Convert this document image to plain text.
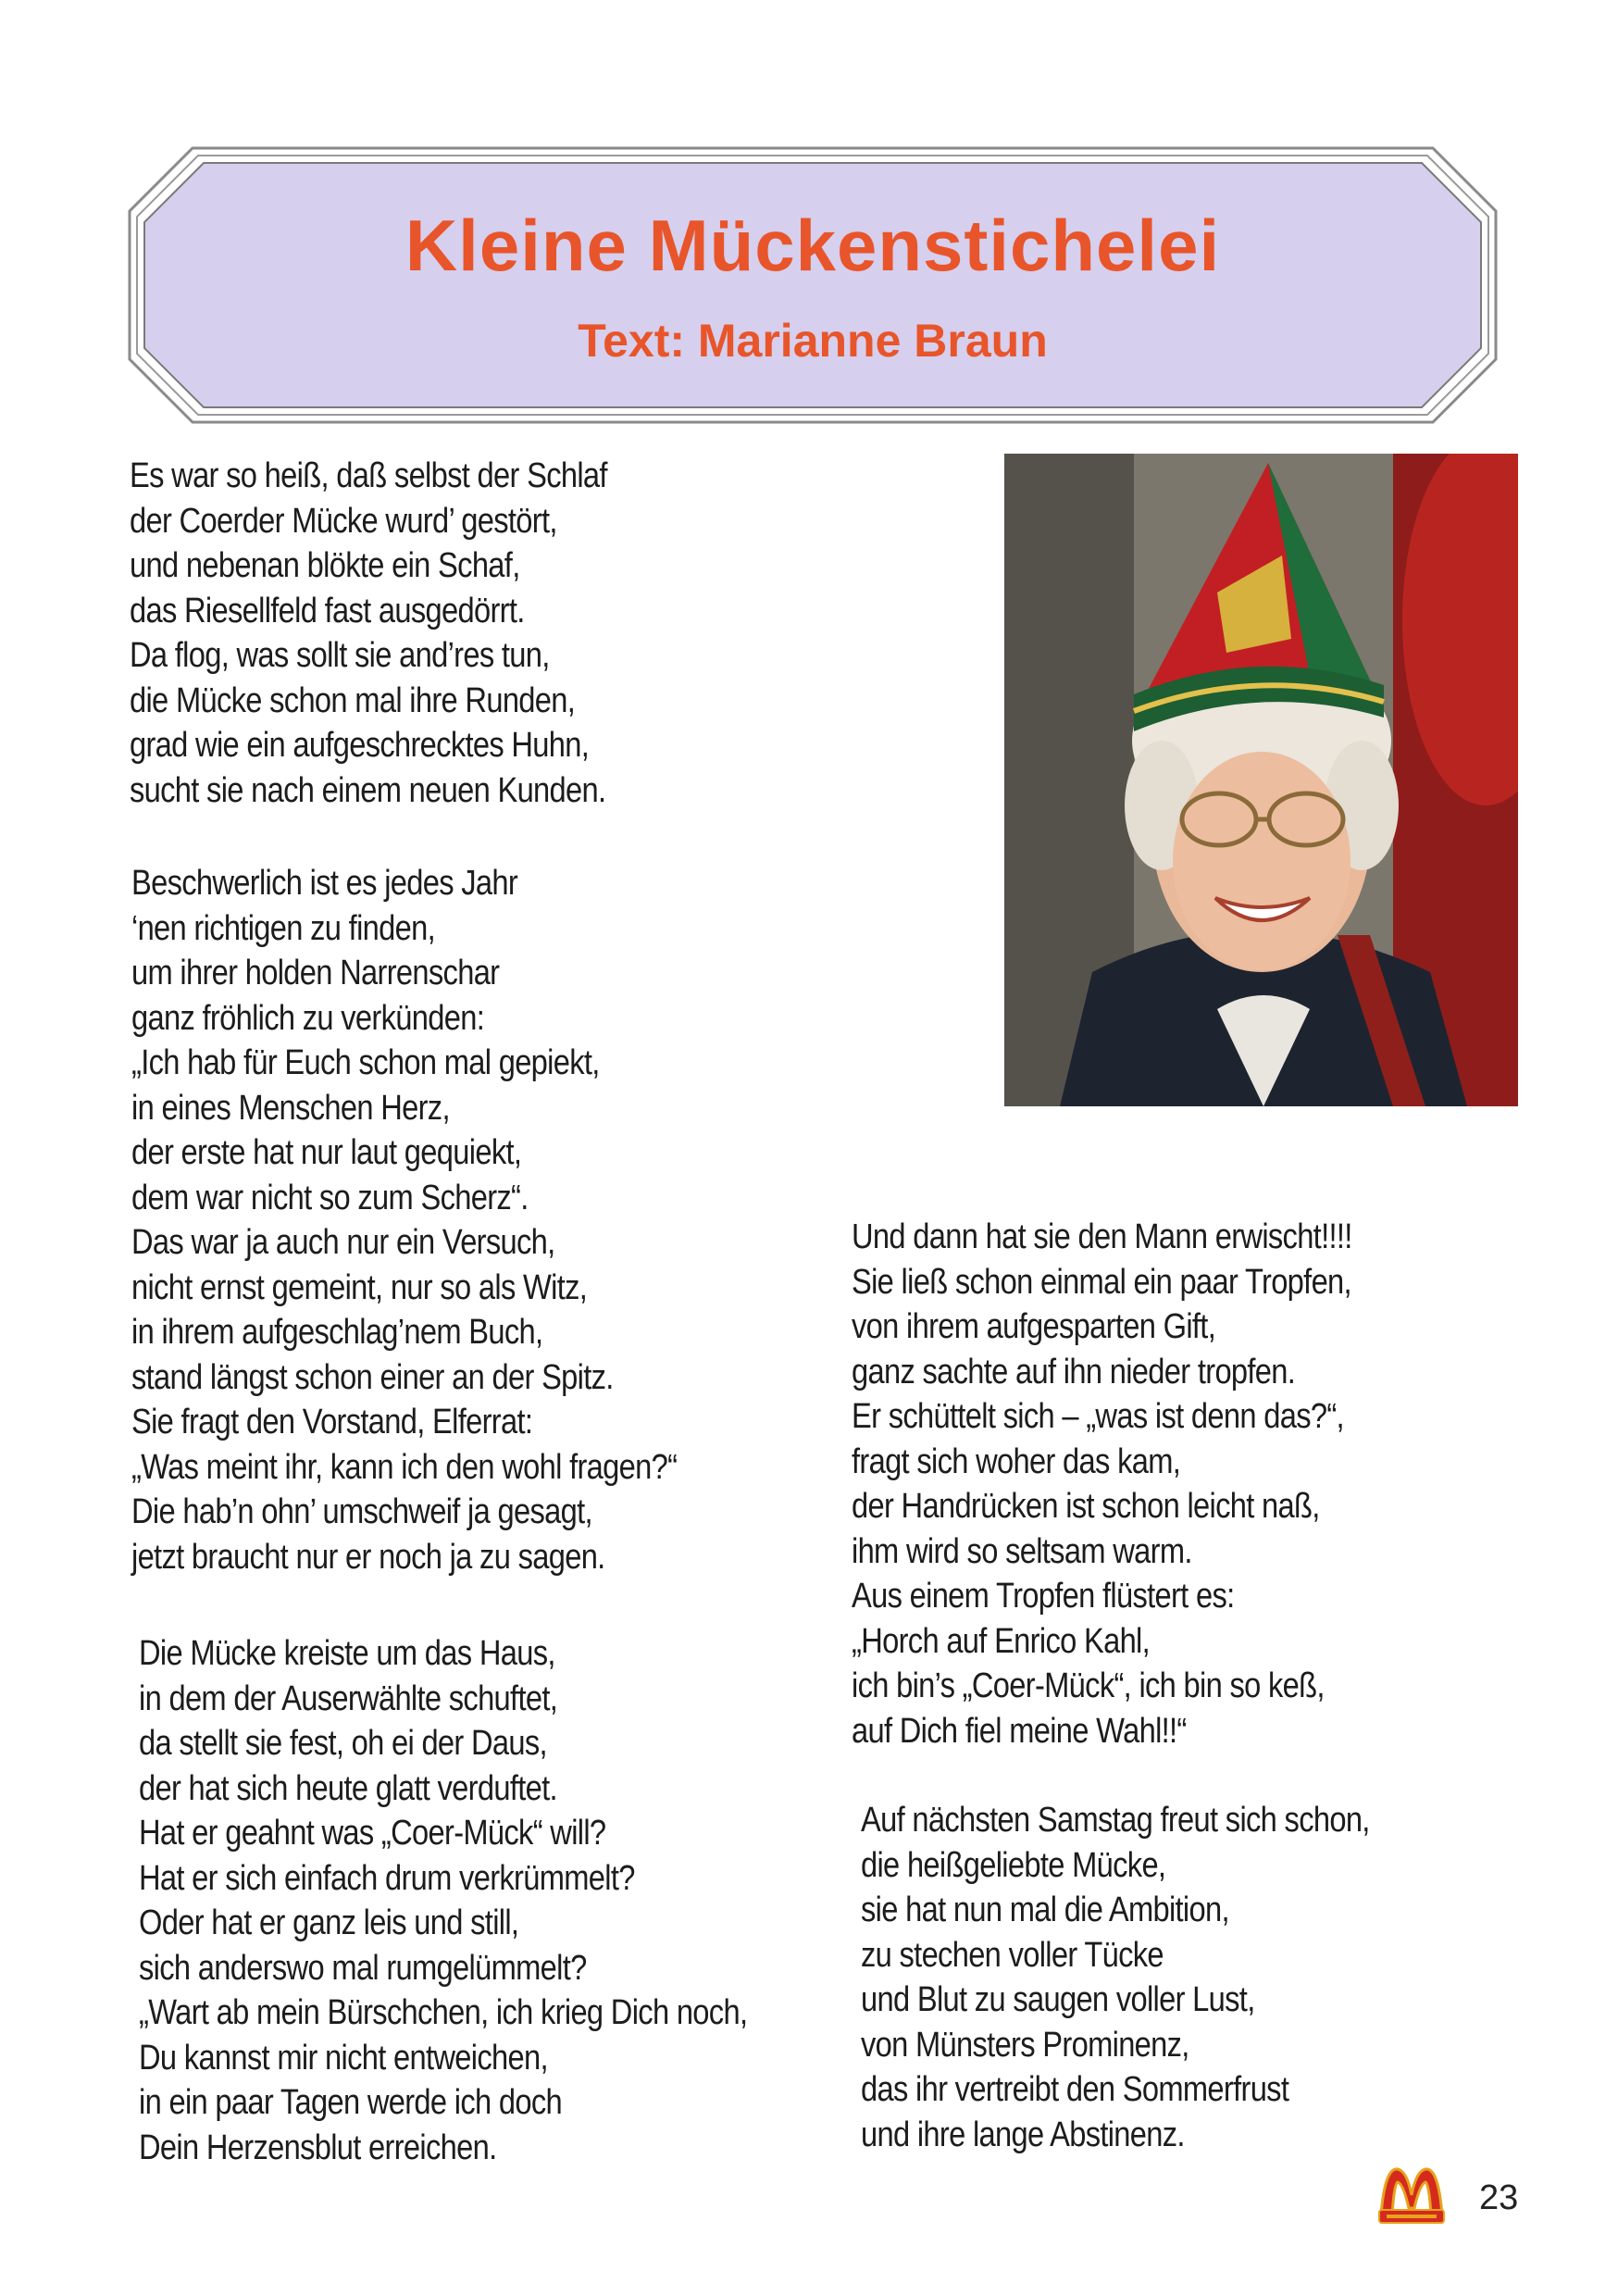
Kleine Mückenstichelei
Text: Marianne Braun
Es war so heiß, daß selbst der Schlaf
der Coerder Mücke wurd’ gestört,
und nebenan blökte ein Schaf,
das Riesellfeld fast ausgedörrt.
Da flog, was sollt sie and’res tun,
die Mücke schon mal ihre Runden,
grad wie ein aufgeschrecktes Huhn,
sucht sie nach einem neuen Kunden.
Beschwerlich ist es jedes Jahr
‘nen richtigen zu finden,
um ihrer holden Narrenschar
ganz fröhlich zu verkünden:
„Ich hab für Euch schon mal gepiekt,
in eines Menschen Herz,
der erste hat nur laut gequiekt,
dem war nicht so zum Scherz“.
Das war ja auch nur ein Versuch,
nicht ernst gemeint, nur so als Witz,
in ihrem aufgeschlag’nem Buch,
stand längst schon einer an der Spitz.
Sie fragt den Vorstand, Elferrat:
„Was meint ihr, kann ich den wohl fragen?“
Die hab’n ohn’ umschweif ja gesagt,
jetzt braucht nur er noch ja zu sagen.
Die Mücke kreiste um das Haus,
in dem der Auserwählte schuftet,
da stellt sie fest, oh ei der Daus,
der hat sich heute glatt verduftet.
Hat er geahnt was „Coer-Mück“ will?
Hat er sich einfach drum verkrümmelt?
Oder hat er ganz leis und still,
sich anderswo mal rumgelümmelt?
„Wart ab mein Bürschchen, ich krieg Dich noch,
Du kannst mir nicht entweichen,
in ein paar Tagen werde ich doch
Dein Herzensblut erreichen.
Und dann hat sie den Mann erwischt!!!!
Sie ließ schon einmal ein paar Tropfen,
von ihrem aufgesparten Gift,
ganz sachte auf ihn nieder tropfen.
Er schüttelt sich – „was ist denn das?“,
fragt sich woher das kam,
der Handrücken ist schon leicht naß,
ihm wird so seltsam warm.
Aus einem Tropfen flüstert es:
„Horch auf Enrico Kahl,
ich bin’s „Coer-Mück“, ich bin so keß,
auf Dich fiel meine Wahl!!“
Auf nächsten Samstag freut sich schon,
die heißgeliebte Mücke,
sie hat nun mal die Ambition,
zu stechen voller Tücke
und Blut zu saugen voller Lust,
von Münsters Prominenz,
das ihr vertreibt den Sommerfrust
und ihre lange Abstinenz.
23
